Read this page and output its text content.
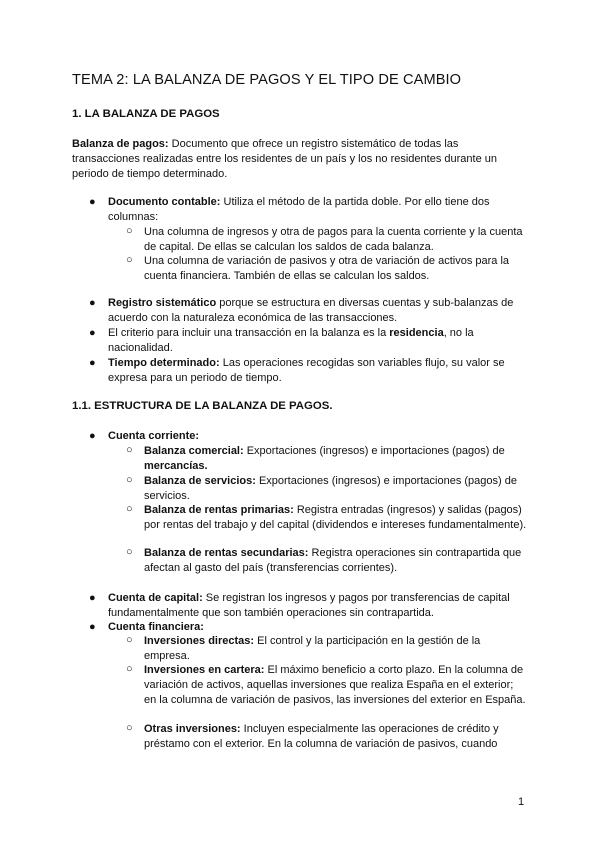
TEMA 2: LA BALANZA DE PAGOS Y EL TIPO DE CAMBIO
1. LA BALANZA DE PAGOS
Balanza de pagos: Documento que ofrece un registro sistemático de todas las transacciones realizadas entre los residentes de un país y los no residentes durante un periodo de tiempo determinado.
● Documento contable: Utiliza el método de la partida doble. Por ello tiene dos columnas:
○ Una columna de ingresos y otra de pagos para la cuenta corriente y la cuenta de capital. De ellas se calculan los saldos de cada balanza.
○ Una columna de variación de pasivos y otra de variación de activos para la cuenta financiera. También de ellas se calculan los saldos.
● Registro sistemático porque se estructura en diversas cuentas y sub-balanzas de acuerdo con la naturaleza económica de las transacciones.
● El criterio para incluir una transacción en la balanza es la residencia, no la nacionalidad.
● Tiempo determinado: Las operaciones recogidas son variables flujo, su valor se expresa para un periodo de tiempo.
1.1. ESTRUCTURA DE LA BALANZA DE PAGOS.
● Cuenta corriente:
○ Balanza comercial: Exportaciones (ingresos) e importaciones (pagos) de mercancías.
○ Balanza de servicios: Exportaciones (ingresos) e importaciones (pagos) de servicios.
○ Balanza de rentas primarias: Registra entradas (ingresos) y salidas (pagos) por rentas del trabajo y del capital (dividendos e intereses fundamentalmente).
○ Balanza de rentas secundarias: Registra operaciones sin contrapartida que afectan al gasto del país (transferencias corrientes).
● Cuenta de capital: Se registran los ingresos y pagos por transferencias de capital fundamentalmente que son también operaciones sin contrapartida.
● Cuenta financiera:
○ Inversiones directas: El control y la participación en la gestión de la empresa.
○ Inversiones en cartera: El máximo beneficio a corto plazo. En la columna de variación de activos, aquellas inversiones que realiza España en el exterior; en la columna de variación de pasivos, las inversiones del exterior en España.
○ Otras inversiones: Incluyen especialmente las operaciones de crédito y préstamo con el exterior. En la columna de variación de pasivos, cuando
1
